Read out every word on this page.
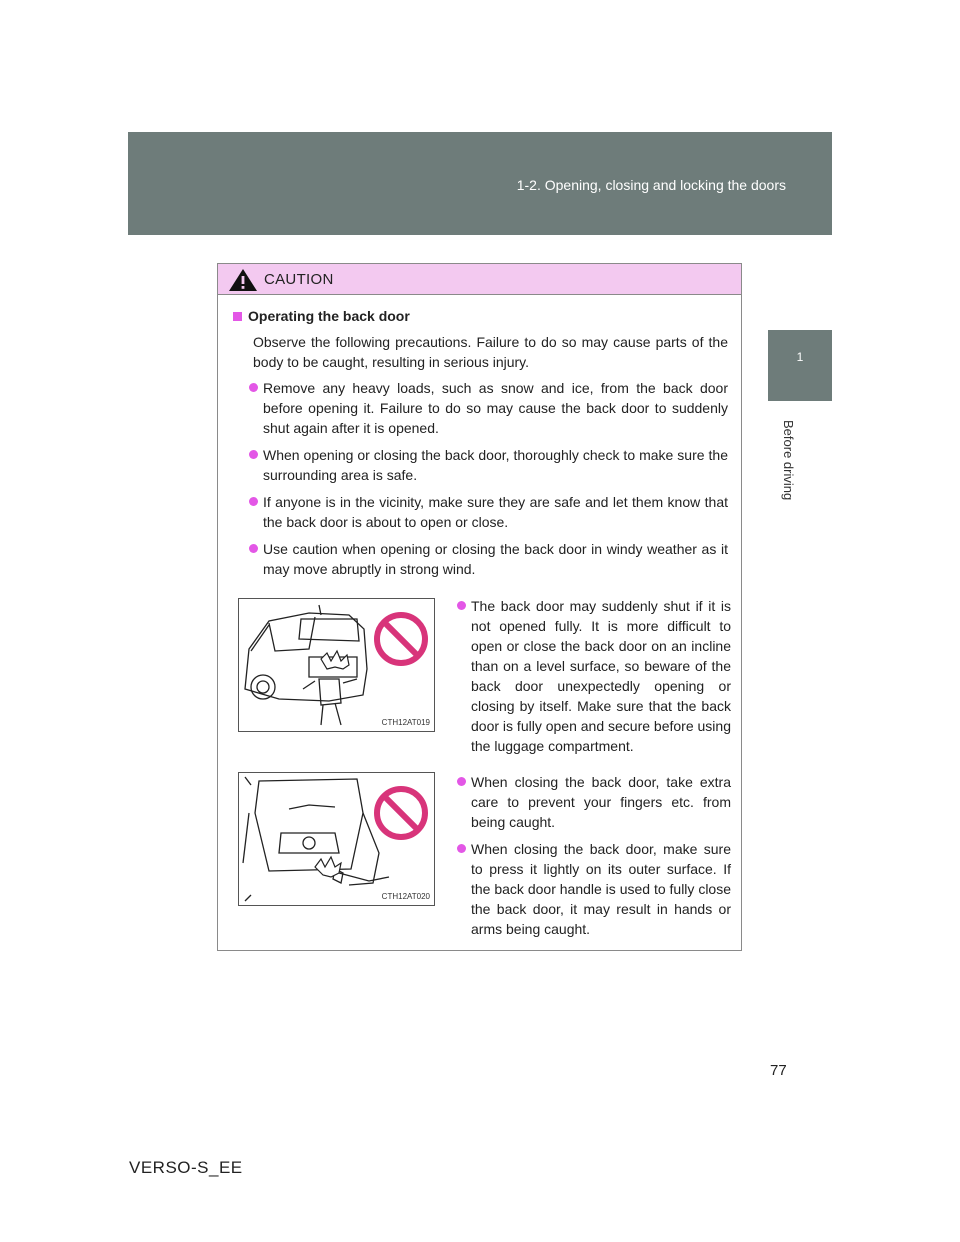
1-2. Opening, closing and locking the doors
1
Before driving
CAUTION
Operating the back door
Observe the following precautions. Failure to do so may cause parts of the body to be caught, resulting in serious injury.
Remove any heavy loads, such as snow and ice, from the back door before opening it. Failure to do so may cause the back door to suddenly shut again after it is opened.
When opening or closing the back door, thoroughly check to make sure the surrounding area is safe.
If anyone is in the vicinity, make sure they are safe and let them know that the back door is about to open or close.
Use caution when opening or closing the back door in windy weather as it may move abruptly in strong wind.
CTH12AT019
The back door may suddenly shut if it is not opened fully. It is more difficult to open or close the back door on an incline than on a level surface, so beware of the back door unexpectedly opening or closing by itself. Make sure that the back door is fully open and secure before using the luggage compartment.
CTH12AT020
When closing the back door, take extra care to prevent your fingers etc. from being caught.
When closing the back door, make sure to press it lightly on its outer surface. If the back door handle is used to fully close the back door, it may result in hands or arms being caught.
77
VERSO-S_EE
